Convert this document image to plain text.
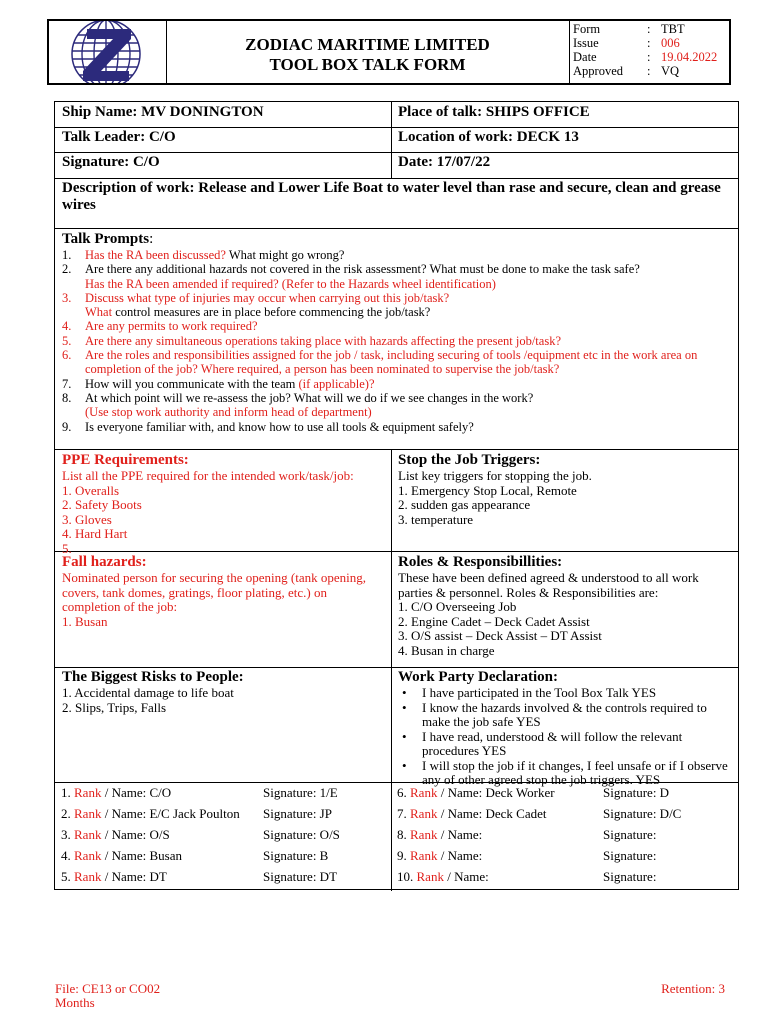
ZODIAC MARITIME LIMITED
TOOL BOX TALK FORM
Form	: TBT
Issue	: 006
Date	: 19.04.2022
Approved	: VQ
Ship Name: MV DONINGTON	Place of talk: SHIPS OFFICE
Talk Leader: C/O	Location of work: DECK 13
Signature: C/O	Date: 17/07/22
Description of work: Release and Lower Life Boat to water level than rase and secure, clean and grease wires
Talk Prompts:
1.	Has the RA been discussed? What might go wrong?
2.	Are there any additional hazards not covered in the risk assessment? What must be done to make the task safe?
Has the RA been amended if required? (Refer to the Hazards wheel identification)
3.	Discuss what type of injuries may occur when carrying out this job/task?
What control measures are in place before commencing the job/task?
4.	Are any permits to work required?
5.	Are there any simultaneous operations taking place with hazards affecting the present job/task?
6.	Are the roles and responsibilities assigned for the job / task, including securing of tools /equipment etc in the work area on
completion of the job? Where required, a person has been nominated to supervise the job/task?
7.	How will you communicate with the team (if applicable)?
8.	At which point will we re-assess the job? What will we do if we see changes in the work?
(Use stop work authority and inform head of department)
9.	Is everyone familiar with, and know how to use all tools & equipment safely?
PPE Requirements:
List all the PPE required for the intended work/task/job:
1. Overalls
2. Safety Boots
3. Gloves
4. Hard Hart
5.
Stop the Job Triggers:
List key triggers for stopping the job.
1. Emergency Stop Local, Remote
2. sudden gas appearance
3. temperature
Fall hazards:
Nominated person for securing the opening (tank opening,
covers, tank domes, gratings, floor plating, etc.) on
completion of the job:
1. Busan
Roles & Responsibillities:
These have been defined agreed & understood to all work
parties & personnel. Roles & Responsibilities are:
1. C/O Overseeing Job
2. Engine Cadet – Deck Cadet Assist
3. O/S assist – Deck Assist – DT Assist
4. Busan in charge
The Biggest Risks to People:
1. Accidental damage to life boat
2. Slips, Trips, Falls
Work Party Declaration:
•	I have participated in the Tool Box Talk YES
•	I know the hazards involved & the controls required to
make the job safe YES
•	I have read, understood & will follow the relevant
procedures YES
•	I will stop the job if it changes, I feel unsafe or if I observe
any of other agreed stop the job triggers. YES
1. Rank / Name: C/O	Signature: 1/E
2. Rank / Name: E/C Jack Poulton Signature: JP
3. Rank / Name: O/S	Signature: O/S
4. Rank / Name: Busan	Signature: B
5. Rank / Name: DT	Signature: DT
6. Rank / Name: Deck Worker	Signature: D
7. Rank / Name: Deck Cadet	Signature: D/C
8. Rank / Name:	Signature:
9. Rank / Name:	Signature:
10. Rank / Name:	Signature:
File: CE13 or CO02
Months
Retention: 3
